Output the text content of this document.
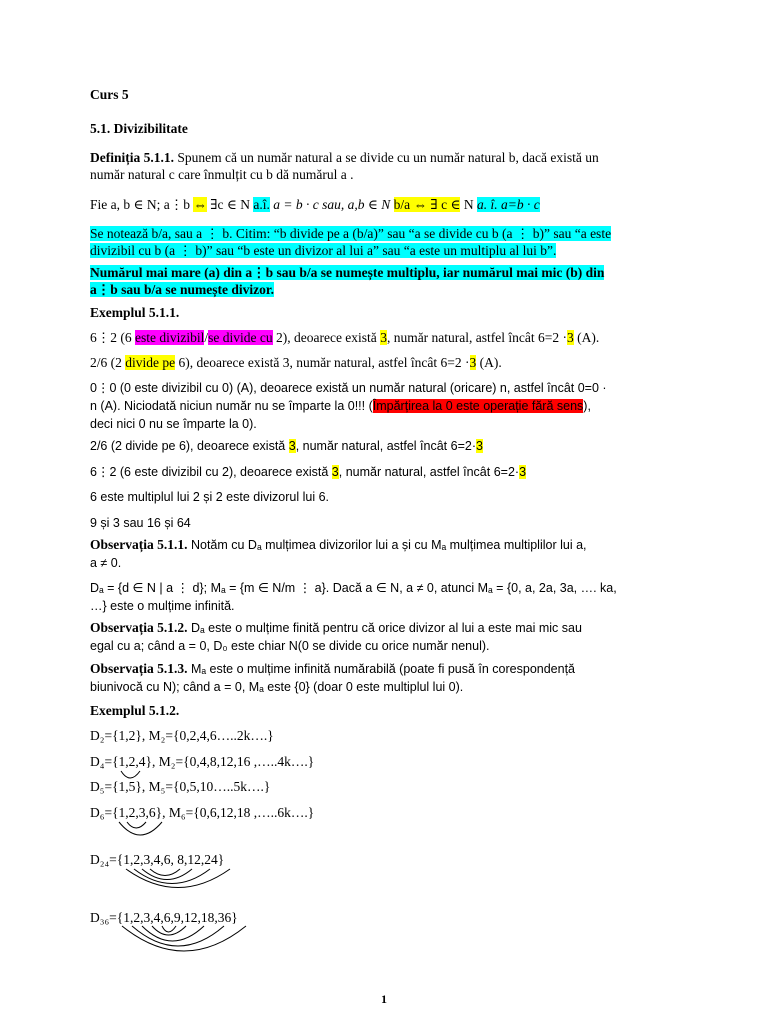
Curs 5
5.1. Divizibilitate
Definiția 5.1.1. Spunem că un număr natural a se divide cu un număr natural b, dacă există un
număr natural c care înmulțit cu b dă numărul a .
Fie a, b ∈ N; a⋮b ⇔ ∃c ∈ N a.î. a = b · c sau, a,b ∈ N b/a ⇔ ∃ c ∈ N a. î. a=b · c
Se notează b/a, sau a ⋮ b. Citim: “b divide pe a (b/a)” sau “a se divide cu b (a ⋮ b)” sau “a este
divizibil cu b (a ⋮ b)” sau “b este un divizor al lui a” sau “a este un multiplu al lui b”.
Numărul mai mare (a) din a⋮b sau b/a se numește multiplu, iar numărul mai mic (b) din
a⋮b sau b/a se numește divizor.
Exemplul 5.1.1.
6⋮2 (6 este divizibil/se divide cu 2), deoarece există 3, număr natural, astfel încât 6=2 ·3 (A).
2/6 (2 divide pe 6), deoarece există 3, număr natural, astfel încât 6=2 ·3 (A).
0⋮0 (0 este divizibil cu 0) (A), deoarece există un număr natural (oricare) n, astfel încât 0=0 ·
n (A). Niciodată niciun număr nu se împarte la 0!!! (Împărțirea la 0 este operație fără sens),
deci nici 0 nu se împarte la 0).
2/6 (2 divide pe 6), deoarece există 3, număr natural, astfel încât 6=2·3
6⋮2 (6 este divizibil cu 2), deoarece există 3, număr natural, astfel încât 6=2·3
6 este multiplul lui 2 și 2 este divizorul lui 6.
9 și 3 sau 16 și 64
Observația 5.1.1. Notăm cu Dₐ mulțimea divizorilor lui a și cu Mₐ mulțimea multiplilor lui a,
a ≠ 0.
Dₐ = {d ∈ N | a ⋮ d}; Mₐ = {m ∈ N/m ⋮ a}. Dacă a ∈ N, a ≠ 0, atunci Mₐ = {0, a, 2a, 3a, …. ka,
…} este o mulțime infinită.
Observația 5.1.2. Dₐ este o mulțime finită pentru că orice divizor al lui a este mai mic sau
egal cu a; când a = 0, D₀ este chiar N(0 se divide cu orice număr nenul).
Observația 5.1.3. Mₐ este o mulțime infinită numărabilă (poate fi pusă în corespondență
biunivocă cu N); când a = 0, Mₐ este {0} (doar 0 este multiplul lui 0).
Exemplul 5.1.2.
D₂={1,2}, M₂={0,2,4,6…..2k….}
D₄={1,2,4}, M₂={0,4,8,12,16 ,…..4k….}
D₅={1,5}, M₅={0,5,10…..5k….}
D₆={1,2,3,6}, M₆={0,6,12,18 ,…..6k….}
D₂₄={1,2,3,4,6, 8,12,24}
D₃₆={1,2,3,4,6,9,12,18,36}
1
